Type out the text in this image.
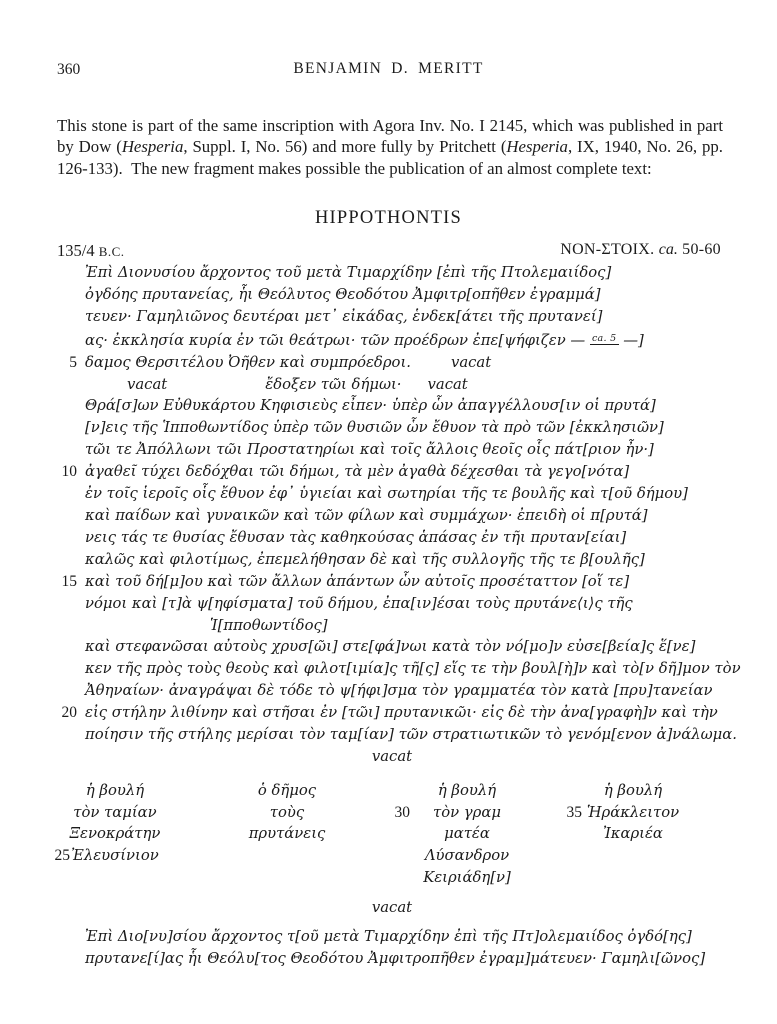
360	BENJAMIN D. MERITT

This stone is part of the same inscription with Agora Inv. No. I 2145, which was published in part by Dow (Hesperia, Suppl. I, No. 56) and more fully by Pritchett (Hesperia, IX, 1940, No. 26, pp. 126-133). The new fragment makes possible the publication of an almost complete text:

HIPPOTHONTIS
135/4 B.C.	NON-ΣΤΟΙΧ. ca. 50-60
Ἐπὶ Διονυσίου ἄρχοντος τοῦ μετὰ Τιμαρχίδην [ἐπὶ τῆς Πτολεμαιίδος]
ὀγδόης πρυτανείας, ἧι Θεόλυτος Θεοδότου Ἀμφιτρ[οπῆθεν ἐγραμμά]
τευεν· Γαμηλιῶνος δευτέραι μετ᾽ εἰκάδας, ἑνδεκ[άτει τῆς πρυτανεί]
ας· ἐκκλησία κυρία ἐν τῶι θεάτρωι· τῶν προέδρων ἐπε[ψήφιζεν — $^{ca. 5}$ —]
5 δαμος Θερσιτέλου Ὀῆθεν καὶ συμπρόεδροι.	vacat
vacat	ἔδοξεν τῶι δήμωι· vacat
Θρά[σ]ων Εὐθυκάρτου Κηφισιεὺς εἶπεν· ὑπὲρ ὧν ἀπαγγέλλουσ[ιν οἱ πρυτά]
[ν]εις τῆς Ἱπποθωντίδος ὑπὲρ τῶν θυσιῶν ὧν ἔθυον τὰ πρὸ τῶν [ἐκκλησιῶν]
τῶι τε Ἀπόλλωνι τῶι Προστατηρίωι καὶ τοῖς ἄλλοις θεοῖς οἷς πάτ[ριον ἦν·]
10 ἀγαθεῖ τύχει δεδόχθαι τῶι δήμωι, τὰ μὲν ἀγαθὰ δέχεσθαι τὰ γεγο[νότα]
ἐν τοῖς ἱεροῖς οἷς ἔθυον ἐφ᾽ ὑγιείαι καὶ σωτηρίαι τῆς τε βουλῆς καὶ τ[οῦ δήμου]
καὶ παίδων καὶ γυναικῶν καὶ τῶν φίλων καὶ συμμάχων· ἐπειδὴ οἱ π[ρυτά]
νεις τάς τε θυσίας ἔθυσαν τὰς καθηκούσας ἁπάσας ἐν τῆι πρυταν[είαι]
καλῶς καὶ φιλοτίμως, ἐπεμελήθησαν δὲ καὶ τῆς συλλογῆς τῆς τε β[ουλῆς]
15 καὶ τοῦ δή[μ]ου καὶ τῶν ἄλλων ἁπάντων ὧν αὐτοῖς προσέταττον [οἵ τε]
νόμοι καὶ [τ]ὰ ψ[ηφίσματα] τοῦ δήμου, ἐπα[ιν]έσαι τοὺς πρυτάνε⟨ι⟩ς τῆς
Ἱ[πποθωντίδος]
καὶ στεφανῶσαι αὐτοὺς χρυσ[ῶι] στε[φά]νωι κατὰ τὸν νό[μο]ν εὐσε[βεία]ς ἕ[νε]
κεν τῆς πρὸς τοὺς θεοὺς καὶ φιλοτ[ιμία]ς τῆ[ς] εἵς τε τὴν βουλ[ὴ]ν καὶ τὸ[ν δῆ]μον τὸν
Ἀθηναίων· ἀναγράψαι δὲ τόδε τὸ ψ[ήφι]σμα τὸν γραμματέα τὸν κατὰ [πρυ]τανείαν
20 εἰς στήλην λιθίνην καὶ στῆσαι ἐν [τῶι] πρυτανικῶι· εἰς δὲ τὴν ἀνα[γραφὴ]ν καὶ τὴν
ποίησιν τῆς στήλης μερίσαι τὸν ταμ[ίαν] τῶν στρατιωτικῶν τὸ γενόμ[ενον ἀ]νάλωμα.
vacat
ἡ βουλή
τὸν ταμίαν
Ξενοκράτην
25 Ἐλευσίνιον
ὁ δῆμος
τοὺς
πρυτάνεις
ἡ βουλή
30 τὸν γραμ
ματέα
Λύσανδρον
Κειριάδη[ν]
ἡ βουλή
35 Ἡράκλειτον
Ἰκαριέα
vacat
Ἐπὶ Διο[νυ]σίου ἄρχοντος τ[οῦ μετὰ Τιμαρχίδην ἐπὶ τῆς Πτ]ολεμαιίδος ὀγδό[ης]
πρυτανε[ί]ας ἧι Θεόλυ[τος Θεοδότου Ἀμφιτροπῆθεν ἐγραμ]μάτευεν· Γαμηλι[ῶνος]
